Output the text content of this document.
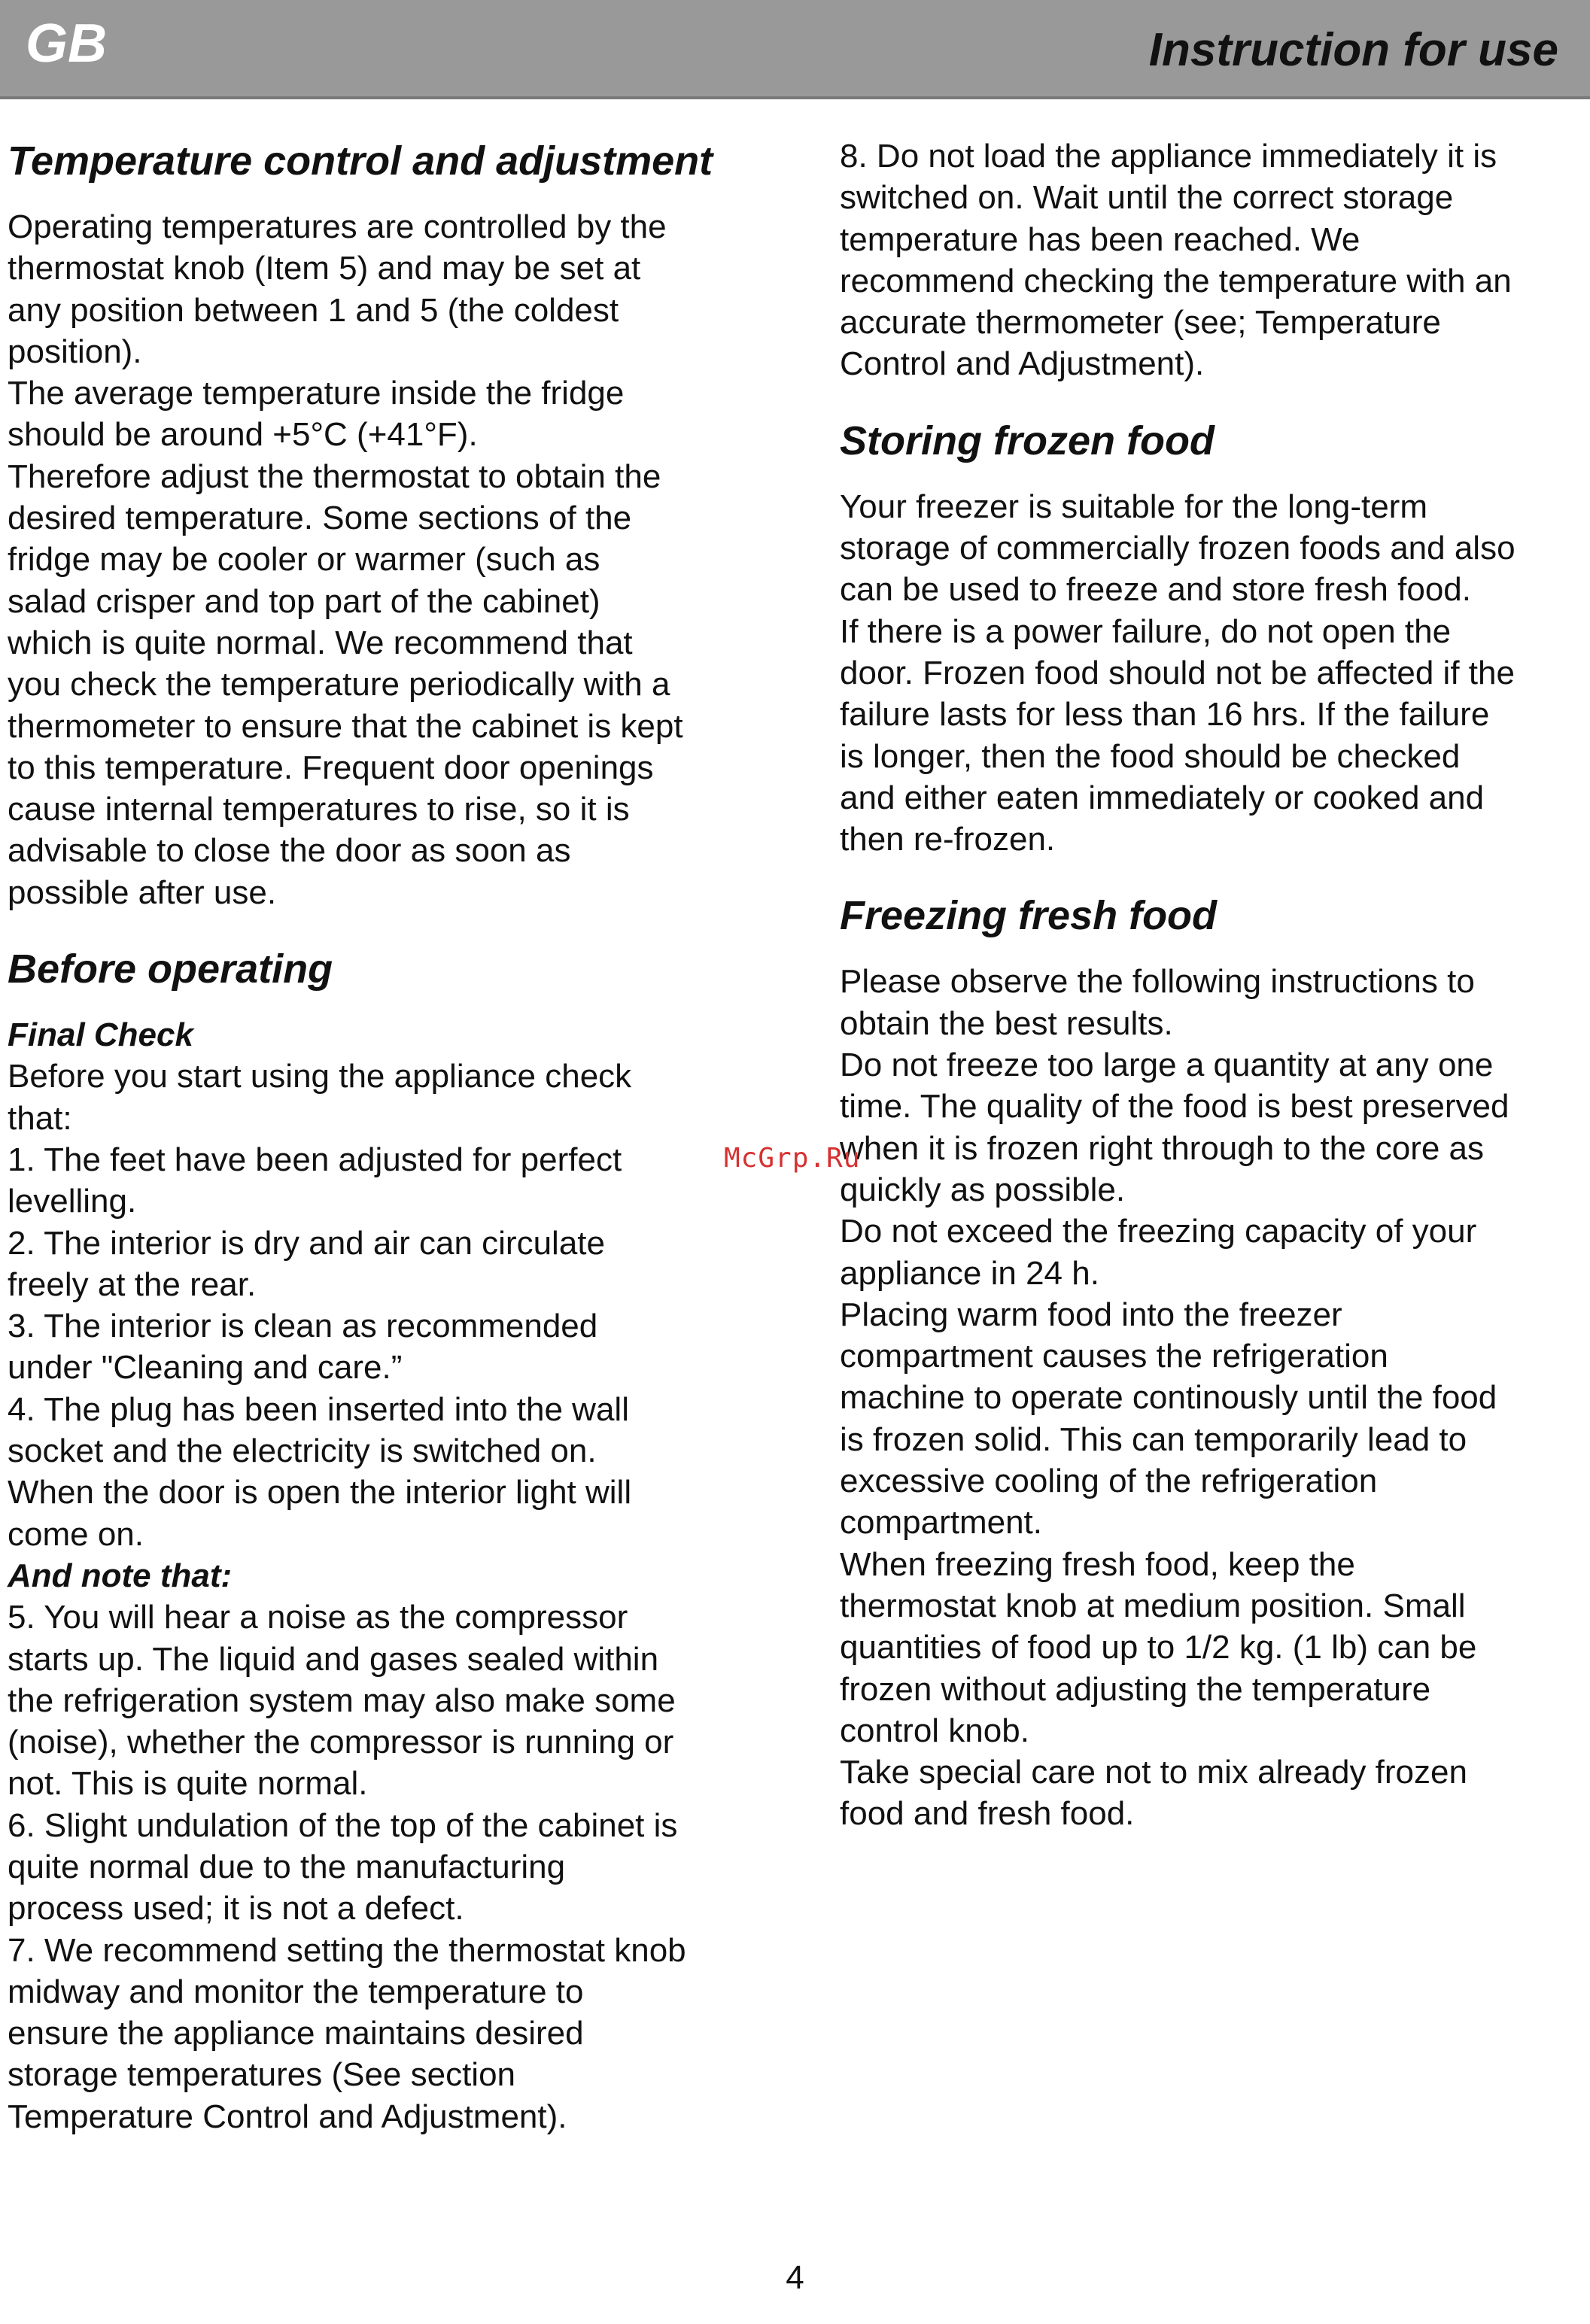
GB	Instruction for use
Temperature control and adjustment

Operating temperatures are controlled by the

thermostat knob (Item 5) and may be set at

any position between 1 and 5 (the coldest

position).

The average temperature inside the fridge

should be around +5°C (+41°F).

Therefore adjust the thermostat to obtain the

desired temperature. Some sections of the

fridge may be cooler or warmer (such as

salad crisper and top part of the cabinet)

which is quite normal. We recommend that

you check the temperature periodically with a

thermometer to ensure that the cabinet is kept

to this temperature. Frequent door openings

cause internal temperatures to rise, so it is

advisable to close the door as soon as

possible after use.

Before operating

Final Check

Before you start using the appliance check

that:

1. The feet have been adjusted for perfect

levelling.

2. The interior is dry and air can circulate

freely at the rear.

3. The interior is clean as recommended

under "Cleaning and care.”

4. The plug has been inserted into the wall

socket and the electricity is switched on.

When the door is open the interior light will

come on.

And note that:

5. You will hear a noise as the compressor

starts up. The liquid and gases sealed within

the refrigeration system may also make some

(noise), whether the compressor is running or

not. This is quite normal.

6. Slight undulation of the top of the cabinet is

quite normal due to the manufacturing

process used; it is not a defect.

7. We recommend setting the thermostat knob

midway and monitor the temperature to

ensure the appliance maintains desired

storage temperatures (See section

Temperature Control and Adjustment).

8. Do not load the appliance immediately it is

switched on. Wait until the correct storage

temperature has been reached. We

recommend checking the temperature with an

accurate thermometer (see; Temperature

Control and Adjustment).

Storing frozen food

Your freezer is suitable for the long-term

storage of commercially frozen foods and also

can be used to freeze and store fresh food.

If there is a power failure, do not open the

door. Frozen food should not be affected if the

failure lasts for less than 16 hrs. If the failure

is longer, then the food should be checked

and either eaten immediately or cooked and

then re-frozen.

Freezing fresh food

Please observe the following instructions to

obtain the best results.

Do not freeze too large a quantity at any one

time. The quality of the food is best preserved

when it is frozen right through to the core as

quickly as possible.

Do not exceed the freezing capacity of your

appliance in 24 h.

Placing warm food into the freezer

compartment causes the refrigeration

machine to operate continously until the food

is frozen solid. This can temporarily lead to

excessive cooling of the refrigeration

compartment.

When freezing fresh food, keep the

thermostat knob at medium position. Small

quantities of food up to 1/2 kg. (1 lb) can be

frozen without adjusting the temperature

control knob.

Take special care not to mix already frozen

food and fresh food.

McGrp.Ru
4
